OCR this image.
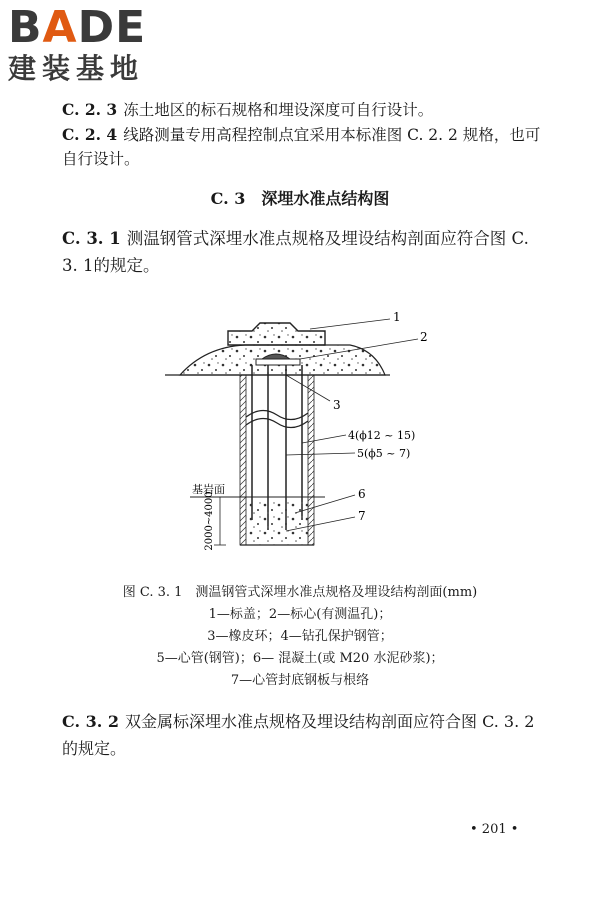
BADE
建装基地
C. 2. 3 冻土地区的标石规格和埋设深度可自行设计。
C. 2. 4 线路测量专用高程控制点宜采用本标准图 C. 2. 2 规格，也可自行设计。
C. 3　 深埋水准点结构图
C. 3. 1 测温钢管式深埋水准点规格及埋设结构剖面应符合图 C. 3. 1的规定。
2000~4000
基岩面
1
2
3
4(ϕ12 ~ 15)
5(ϕ5 ~ 7)
6
7
图 C. 3. 1　测温钢管式深埋水准点规格及埋设结构剖面(mm)
1—标盖；2—标心(有测温孔)；
3—橡皮环；4—钻孔保护钢管；
5—心管(钢管)；6— 混凝土(或 M20 水泥砂浆)；
7—心管封底钢板与根络
C. 3. 2 双金属标深埋水准点规格及埋设结构剖面应符合图 C. 3. 2 的规定。
• 201 •
